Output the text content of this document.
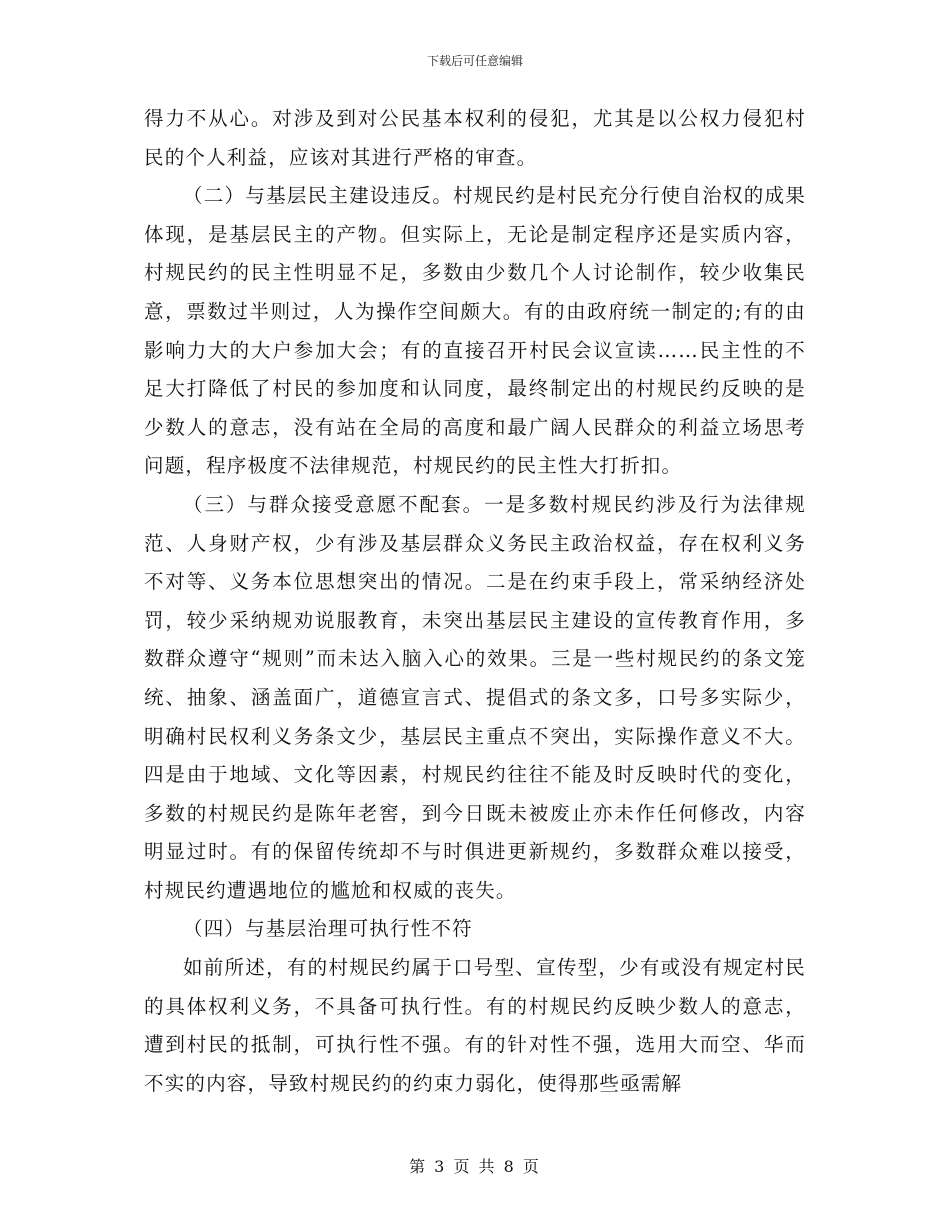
下载后可任意编辑

得力不从心。对涉及到对公民基本权利的侵犯，尤其是以公权力侵犯村民的个人利益，应该对其进行严格的审查。

（二）与基层民主建设违反。村规民约是村民充分行使自治权的成果体现，是基层民主的产物。但实际上，无论是制定程序还是实质内容，村规民约的民主性明显不足，多数由少数几个人讨论制作，较少收集民意，票数过半则过，人为操作空间颇大。有的由政府统一制定的;有的由影响力大的大户参加大会；有的直接召开村民会议宣读……民主性的不足大打降低了村民的参加度和认同度，最终制定出的村规民约反映的是少数人的意志，没有站在全局的高度和最广阔人民群众的利益立场思考问题，程序极度不法律规范，村规民约的民主性大打折扣。

（三）与群众接受意愿不配套。一是多数村规民约涉及行为法律规范、人身财产权，少有涉及基层群众义务民主政治权益，存在权利义务不对等、义务本位思想突出的情况。二是在约束手段上，常采纳经济处罚，较少采纳规劝说服教育，未突出基层民主建设的宣传教育作用，多数群众遵守“规则”而未达入脑入心的效果。三是一些村规民约的条文笼统、抽象、涵盖面广，道德宣言式、提倡式的条文多，口号多实际少，明确村民权利义务条文少，基层民主重点不突出，实际操作意义不大。四是由于地域、文化等因素，村规民约往往不能及时反映时代的变化，多数的村规民约是陈年老窖，到今日既未被废止亦未作任何修改，内容明显过时。有的保留传统却不与时俱进更新规约，多数群众难以接受，村规民约遭遇地位的尴尬和权威的丧失。

（四）与基层治理可执行性不符

如前所述，有的村规民约属于口号型、宣传型，少有或没有规定村民的具体权利义务，不具备可执行性。有的村规民约反映少数人的意志，遭到村民的抵制，可执行性不强。有的针对性不强，选用大而空、华而不实的内容，导致村规民约的约束力弱化，使得那些亟需解

第 3 页 共 8 页
